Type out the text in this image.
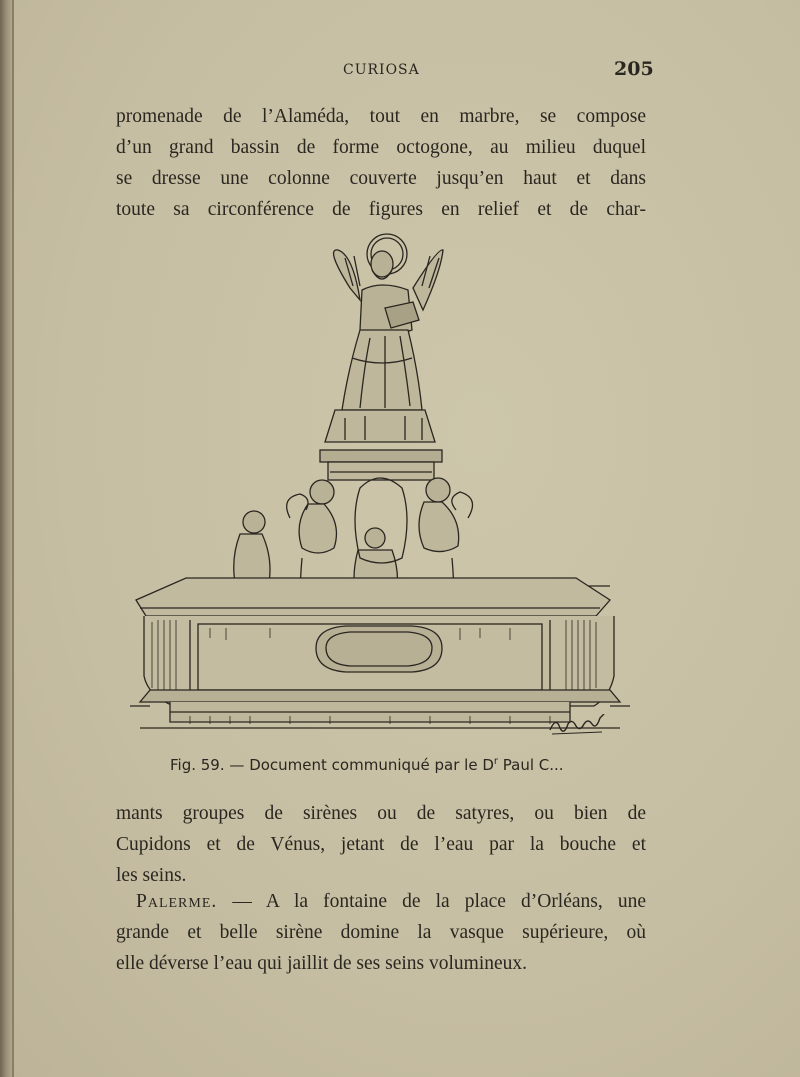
CURIOSA	205
promenade de l’Alaméda, tout en marbre, se compose
d’un grand bassin de forme octogone, au milieu duquel
se dresse une colonne couverte jusqu’en haut et dans
toute sa circonférence de figures en relief et de char-
Fig. 59. — Document communiqué par le $D^r$ Paul C...
mants groupes de sirènes ou de satyres, ou bien de
Cupidons et de Vénus, jetant de l’eau par la bouche et
les seins.
Palerme. — A la fontaine de la place d’Orléans, une
grande et belle sirène domine la vasque supérieure, où
elle déverse l’eau qui jaillit de ses seins volumineux.
